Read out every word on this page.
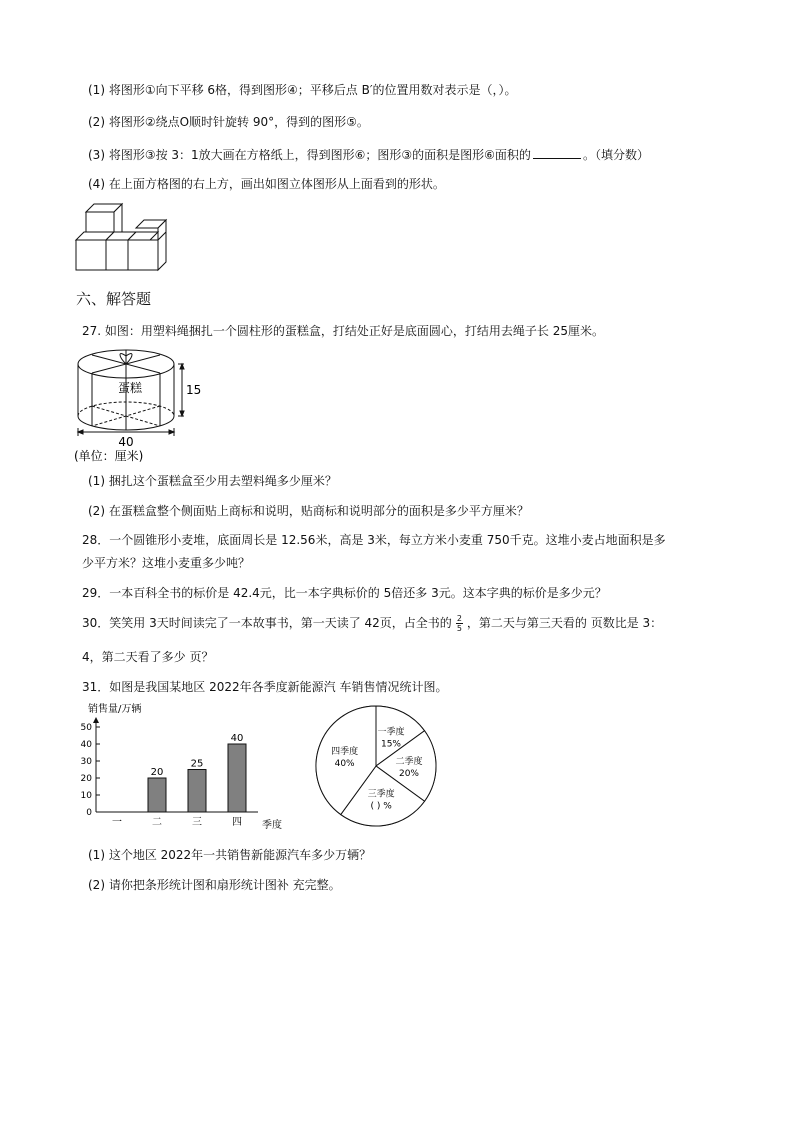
(1) 将图形①向下平移 6格，得到图形④；平移后点 B′的位置用数对表示是（，）。
(2) 将图形②绕点O顺时针旋转 90°，得到的图形⑤。
(3) 将图形③按 3：1放大画在方格纸上，得到图形⑥；图形③的面积是图形⑥面积的	。（填分数）
(4) 在上面方格图的右上方，画出如图立体图形从上面看到的形状。
六、解答题
27. 如图：用塑料绳捆扎一个圆柱形的蛋糕盒，打结处正好是底面圆心，打结用去绳子长 25厘米。
蛋糕	15
40
(单位：厘米)
(1) 捆扎这个蛋糕盒至少用去塑料绳多少厘米？
(2) 在蛋糕盒整个侧面贴上商标和说明，贴商标和说明部分的面积是多少平方厘米？
28．一个圆锥形小麦堆，底面周长是 12.56米，高是 3米，每立方米小麦重 750千克。这堆小麦占地面积是多
少平方米？这堆小麦重多少吨？
29．一本百科全书的标价是 42.4元，比一本字典标价的 5倍还多 3元。这本字典的标价是多少元？
30．笑笑用 3天时间读完了一本故事书，第一天读了 42页，占全书的 $\frac{2}{5}$ ，第二天与第三天看的 页数比是 3：
4，第二天看了多少 页？
31．如图是我国某地区 2022年各季度新能源汽 车销售情况统计图。
销售量/万辆
季度
0
10
20
30
40
50
一	二
20
三
25
四
40
一季度
15%
二季度
20%
三季度
( ) %
四季度
40%
(1) 这个地区 2022年一共销售新能源汽车多少万辆？
(2) 请你把条形统计图和扇形统计图补 充完整。
